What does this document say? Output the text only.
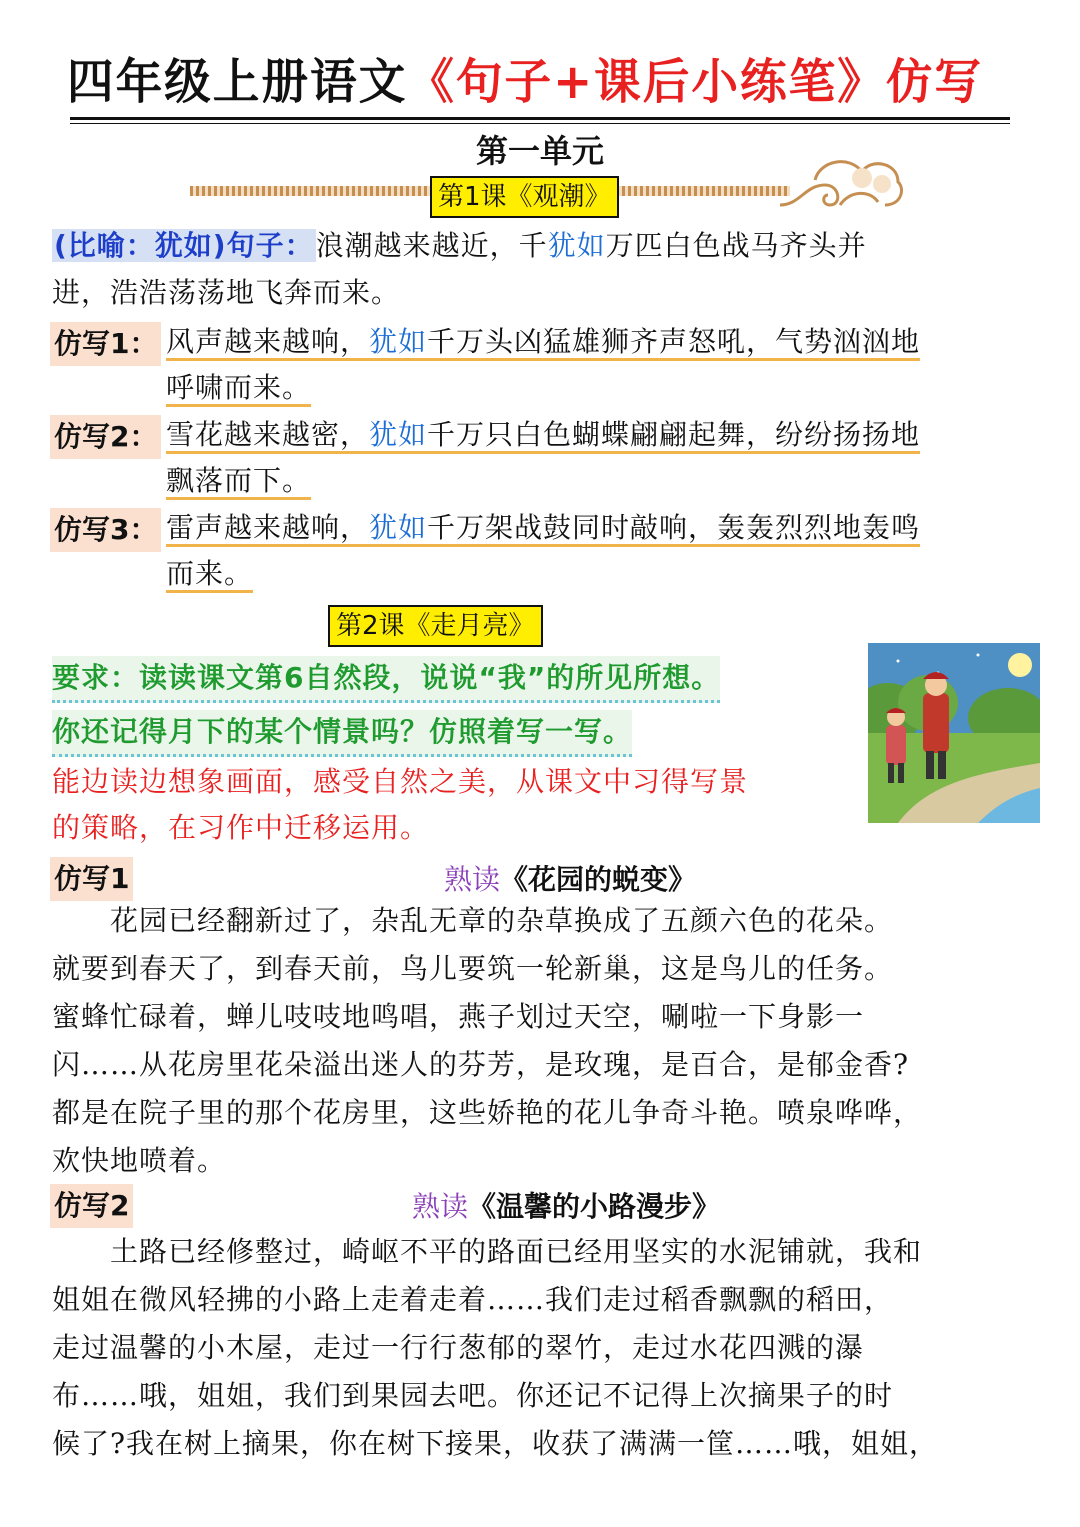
四年级上册语文《句子+课后小练笔》仿写
第一单元
第1课《观潮》
(比喻：犹如)句子：浪潮越来越近，千犹如万匹白色战马齐头并
进，浩浩荡荡地飞奔而来。
仿写1： 风声越来越响，犹如千万头凶猛雄狮齐声怒吼，气势汹汹地
呼啸而来。
仿写2： 雪花越来越密，犹如千万只白色蝴蝶翩翩起舞，纷纷扬扬地
飘落而下。
仿写3： 雷声越来越响，犹如千万架战鼓同时敲响，轰轰烈烈地轰鸣
而来。
第2课《走月亮》
要求：读读课文第6自然段，说说“我”的所见所想。
你还记得月下的某个情景吗？仿照着写一写。
能边读边想象画面，感受自然之美，从课文中习得写景
的策略，在习作中迁移运用。
仿写1	熟读《花园的蜕变》
　　花园已经翻新过了，杂乱无章的杂草换成了五颜六色的花朵。
就要到春天了，到春天前，鸟儿要筑一轮新巢，这是鸟儿的任务。
蜜蜂忙碌着，蝉儿吱吱地鸣唱，燕子划过天空，唰啦一下身影一
闪……从花房里花朵溢出迷人的芬芳，是玫瑰，是百合，是郁金香?
都是在院子里的那个花房里，这些娇艳的花儿争奇斗艳。喷泉哗哗，
欢快地喷着。
仿写2	熟读《温馨的小路漫步》
　　土路已经修整过，崎岖不平的路面已经用坚实的水泥铺就，我和
姐姐在微风轻拂的小路上走着走着……我们走过稻香飘飘的稻田，
走过温馨的小木屋，走过一行行葱郁的翠竹，走过水花四溅的瀑
布……哦，姐姐，我们到果园去吧。你还记不记得上次摘果子的时
候了?我在树上摘果，你在树下接果，收获了满满一筐……哦，姐姐，
